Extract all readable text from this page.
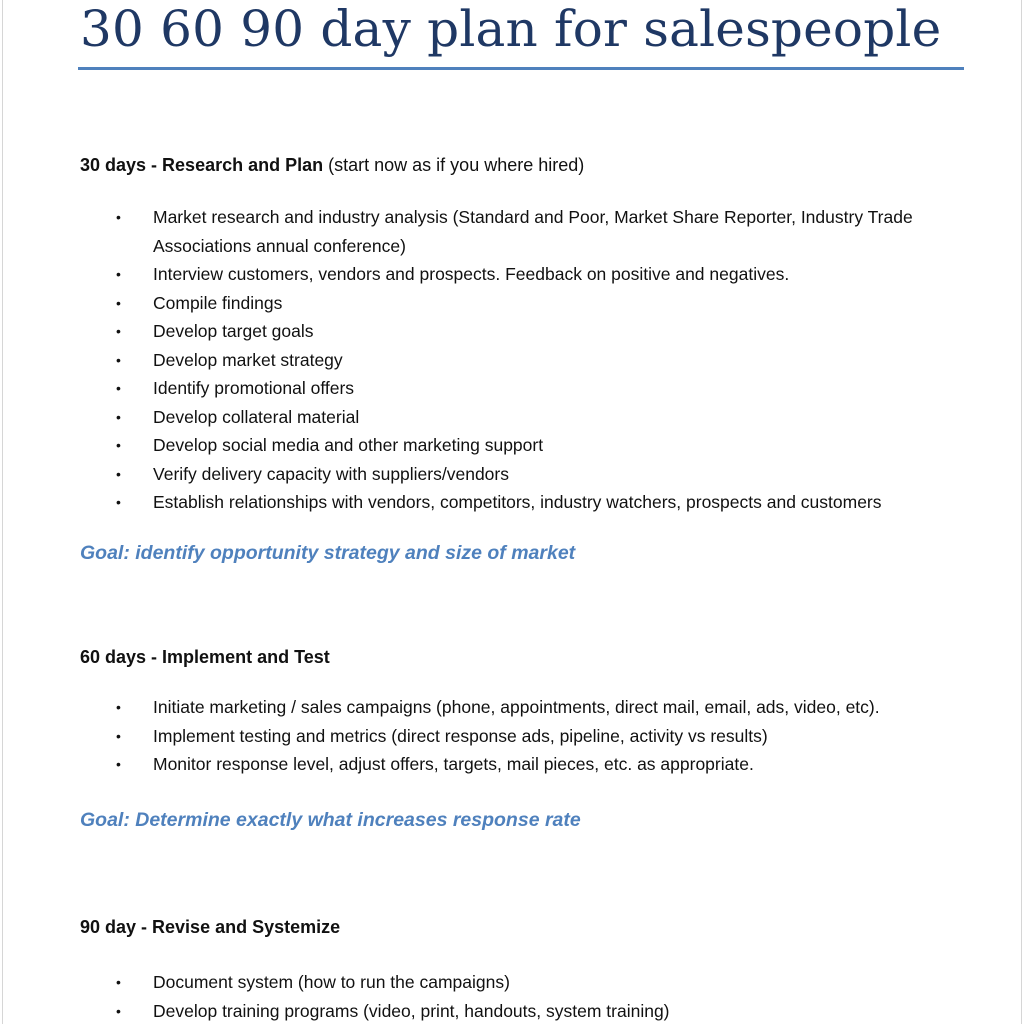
30 60 90 day plan for salespeople

30 days - Research and Plan (start now as if you where hired)

• Market research and industry analysis (Standard and Poor, Market Share Reporter, Industry Trade Associations annual conference)
• Interview customers, vendors and prospects. Feedback on positive and negatives.
• Compile findings
• Develop target goals
• Develop market strategy
• Identify promotional offers
• Develop collateral material
• Develop social media and other marketing support
• Verify delivery capacity with suppliers/vendors
• Establish relationships with vendors, competitors, industry watchers, prospects and customers
Goal: identify opportunity strategy and size of market

60 days - Implement and Test

• Initiate marketing / sales campaigns (phone, appointments, direct mail, email, ads, video, etc).
• Implement testing and metrics (direct response ads, pipeline, activity vs results)
• Monitor response level, adjust offers, targets, mail pieces, etc. as appropriate.
Goal: Determine exactly what increases response rate

90 day - Revise and Systemize

• Document system (how to run the campaigns)
• Develop training programs (video, print, handouts, system training)
